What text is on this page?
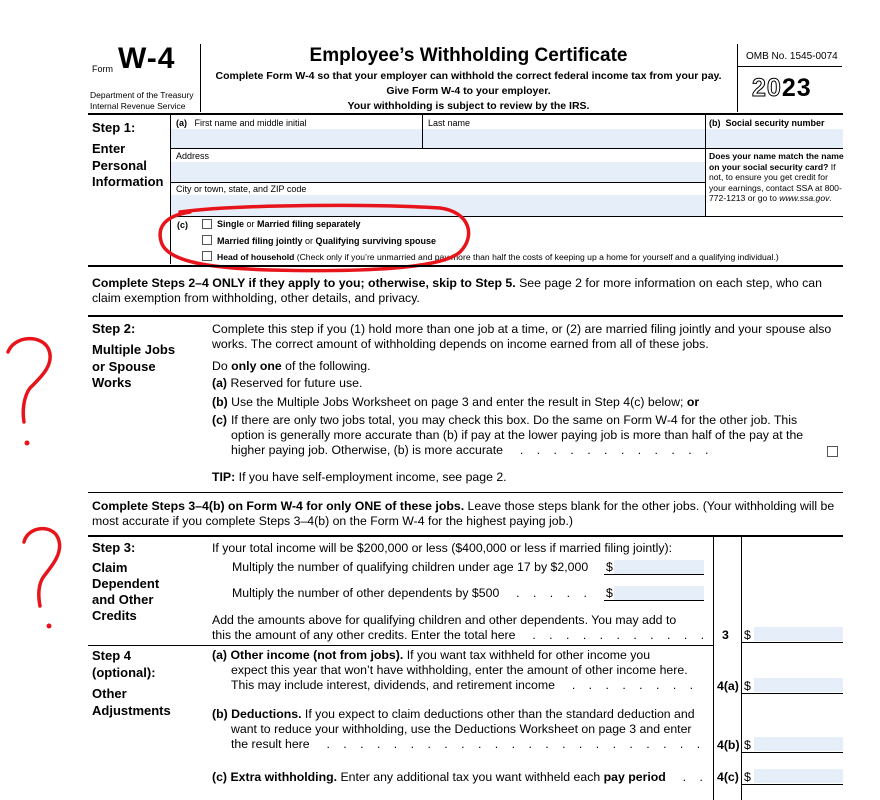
Form W-4
Department of the Treasury
Internal Revenue Service
Employee’s Withholding Certificate
Complete Form W-4 so that your employer can withhold the correct federal income tax from your pay.
Give Form W-4 to your employer.
Your withholding is subject to review by the IRS.
OMB No. 1545-0074
2023
Step 1:
Enter
Personal
Information
(a) First name and middle initial	Last name	(b) Social security number
Address
City or town, state, and ZIP code
Does your name match the name on your social security card? If not, to ensure you get credit for your earnings, contact SSA at 800-772-1213 or go to www.ssa.gov.
(c)	Single or Married filing separately
Married filing jointly or Qualifying surviving spouse
Head of household (Check only if you’re unmarried and pay more than half the costs of keeping up a home for yourself and a qualifying individual.)
Complete Steps 2–4 ONLY if they apply to you; otherwise, skip to Step 5. See page 2 for more information on each step, who can claim exemption from withholding, other details, and privacy.
Step 2:
Multiple Jobs
or Spouse
Works
Complete this step if you (1) hold more than one job at a time, or (2) are married filing jointly and your spouse also works. The correct amount of withholding depends on income earned from all of these jobs.
Do only one of the following.
(a) Reserved for future use.
(b) Use the Multiple Jobs Worksheet on page 3 and enter the result in Step 4(c) below; or
(c) If there are only two jobs total, you may check this box. Do the same on Form W-4 for the other job. This option is generally more accurate than (b) if pay at the lower paying job is more than half of the pay at the higher paying job. Otherwise, (b) is more accurate  . . . . . . . . . . . .
TIP: If you have self-employment income, see page 2.
Complete Steps 3–4(b) on Form W-4 for only ONE of these jobs. Leave those steps blank for the other jobs. (Your withholding will be most accurate if you complete Steps 3–4(b) on the Form W-4 for the highest paying job.)
Step 3:
Claim
Dependent
and Other
Credits
If your total income will be $200,000 or less ($400,000 or less if married filing jointly):
Multiply the number of qualifying children under age 17 by $2,000 $
Multiply the number of other dependents by $500  . . . . . $
Add the amounts above for qualifying children and other dependents. You may add to
this the amount of any other credits. Enter the total here  . . . . . . . . . . . 3 $
Step 4
(optional):
Other
Adjustments
(a) Other income (not from jobs). If you want tax withheld for other income you
expect this year that won’t have withholding, enter the amount of other income here.
This may include interest, dividends, and retirement income  . . . . . . . .	4(a) $
(b) Deductions. If you expect to claim deductions other than the standard deduction and
want to reduce your withholding, use the Deductions Worksheet on page 3 and enter
the result here  . . . . . . . . . . . . . . . . . . . . . . . 4(b) $
(c) Extra withholding. Enter any additional tax you want withheld each pay period  . . 4(c) $
